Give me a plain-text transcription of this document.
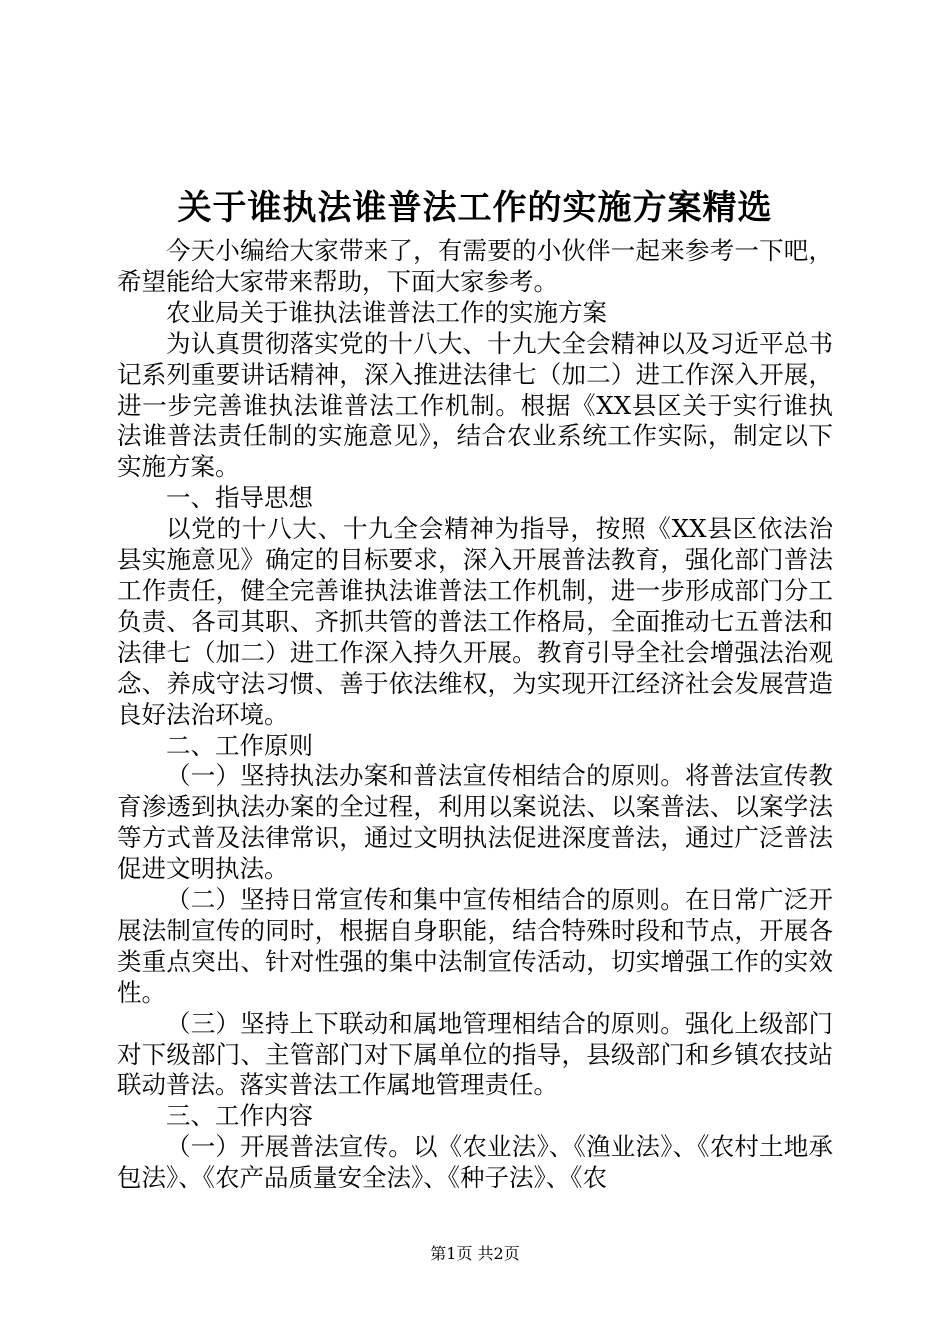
关于谁执法谁普法工作的实施方案精选

今天小编给大家带来了，有需要的小伙伴一起来参考一下吧，希望能给大家带来帮助，下面大家参考。

农业局关于谁执法谁普法工作的实施方案

为认真贯彻落实党的十八大、十九大全会精神以及习近平总书记系列重要讲话精神，深入推进法律七（加二）进工作深入开展，进一步完善谁执法谁普法工作机制。根据《XX县区关于实行谁执法谁普法责任制的实施意见》，结合农业系统工作实际，制定以下实施方案。

一、指导思想

以党的十八大、十九全会精神为指导，按照《XX县区依法治县实施意见》确定的目标要求，深入开展普法教育，强化部门普法工作责任，健全完善谁执法谁普法工作机制，进一步形成部门分工负责、各司其职、齐抓共管的普法工作格局，全面推动七五普法和法律七（加二）进工作深入持久开展。教育引导全社会增强法治观念、养成守法习惯、善于依法维权，为实现开江经济社会发展营造良好法治环境。

二、工作原则

（一）坚持执法办案和普法宣传相结合的原则。将普法宣传教育渗透到执法办案的全过程，利用以案说法、以案普法、以案学法等方式普及法律常识，通过文明执法促进深度普法，通过广泛普法促进文明执法。

（二）坚持日常宣传和集中宣传相结合的原则。在日常广泛开展法制宣传的同时，根据自身职能，结合特殊时段和节点，开展各类重点突出、针对性强的集中法制宣传活动，切实增强工作的实效性。

（三）坚持上下联动和属地管理相结合的原则。强化上级部门对下级部门、主管部门对下属单位的指导，县级部门和乡镇农技站联动普法。落实普法工作属地管理责任。

三、工作内容

（一）开展普法宣传。以《农业法》、《渔业法》、《农村土地承包法》、《农产品质量安全法》、《种子法》、《农

第1页 共2页
